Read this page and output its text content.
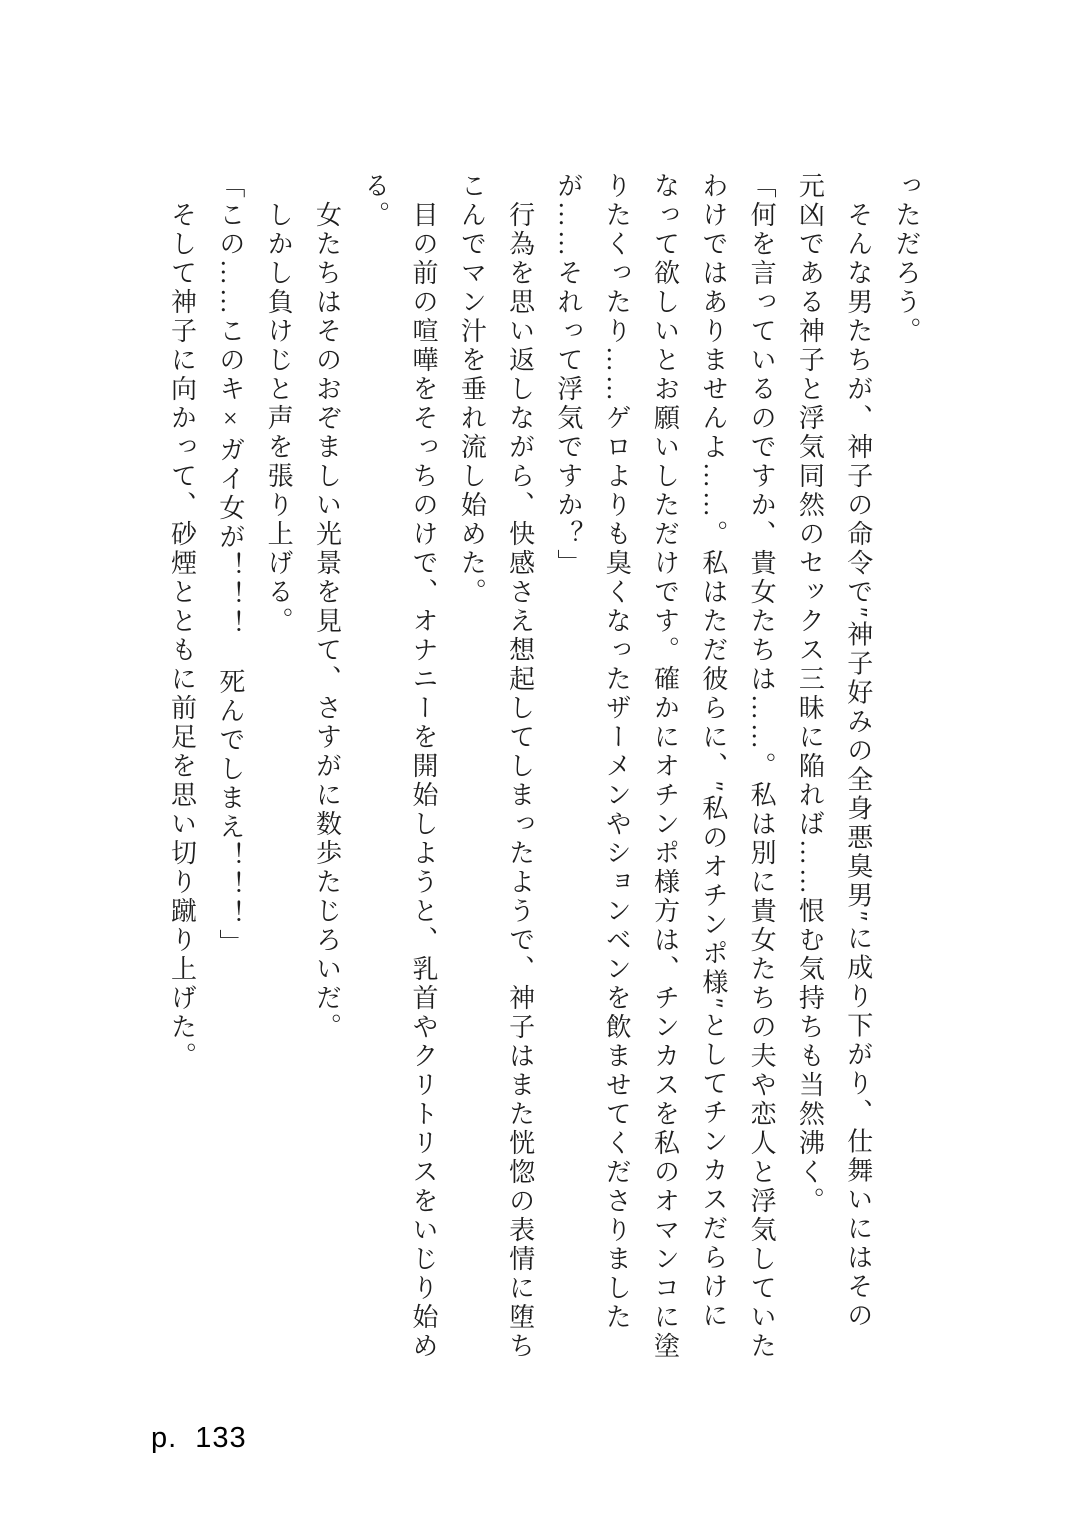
っただろう。
そんな男たちが、神子の命令で″神子好みの全身悪臭男″に成り下がり、仕舞いにはその
元凶である神子と浮気同然のセックス三昧に陥れば……恨む気持ちも当然沸く。
「何を言っているのですか、貴女たちは……。私は別に貴女たちの夫や恋人と浮気していた
わけではありませんよ……。私はただ彼らに、″私のオチンポ様″としてチンカスだらけに
なって欲しいとお願いしただけです。確かにオチンポ様方は、チンカスを私のオマンコに塗
りたくったり……ゲロよりも臭くなったザーメンやションベンを飲ませてくださりました
が……それって浮気ですか？」
行為を思い返しながら、快感さえ想起してしまったようで、神子はまた恍惚の表情に堕ち
こんでマン汁を垂れ流し始めた。
目の前の喧嘩をそっちのけで、オナニーを開始しようと、乳首やクリトリスをいじり始め
る。
女たちはそのおぞましい光景を見て、さすがに数歩たじろいだ。
しかし負けじと声を張り上げる。
「この……このキ×ガイ女が！！！　死んでしまえ！！！」
そして神子に向かって、砂煙とともに前足を思い切り蹴り上げた。
p. 133
